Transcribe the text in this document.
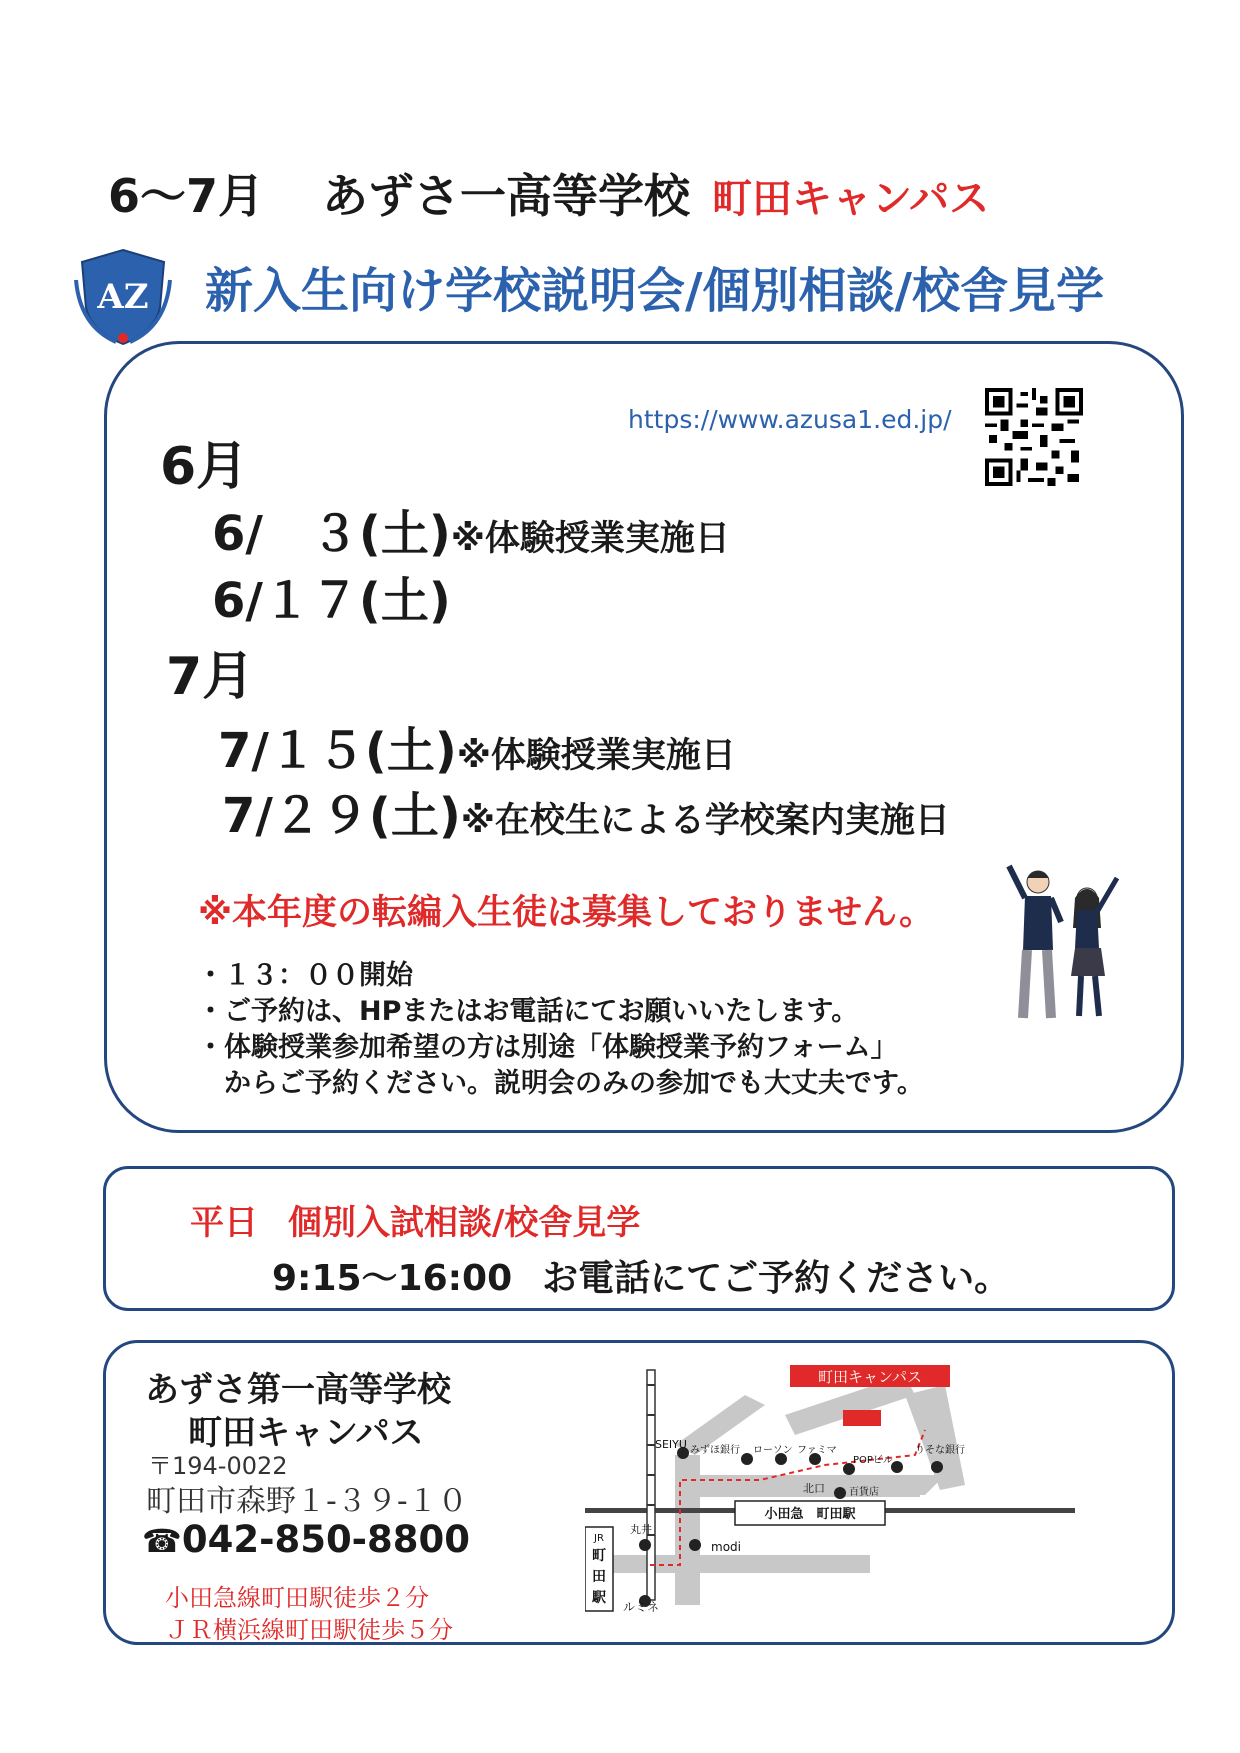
6～7月 あずさ一高等学校 町田キャンパス
AZ 新入生向け学校説明会/個別相談/校舎見学
https://www.azusa1.ed.jp/
6月
6/　３(土)※体験授業実施日
6/１７(土)
7月
7/１５(土)※体験授業実施日
7/２９(土)※在校生による学校案内実施日
※本年度の転編入生徒は募集しておりません。
・１３：００開始
・ご予約は、HPまたはお電話にてお願いいたします。
・体験授業参加希望の方は別途「体験授業予約フォーム」
　からご予約ください。説明会のみの参加でも大丈夫です。
平日 個別入試相談/校舎見学
9:15～16:00 お電話にてご予約ください。
あずさ第一高等学校
町田キャンパス
〒194-0022
町田市森野１-３９-１０
☎042-850-8800
小田急線町田駅徒歩２分
ＪＲ横浜線町田駅徒歩５分
町田キャンパス
SEIYU みずほ銀行 ローソン ファミマ
POPビル
りそな銀行
北口 百貨店
小田急　町田駅
丸井
modi
JR
町
田
駅
ルミネ
